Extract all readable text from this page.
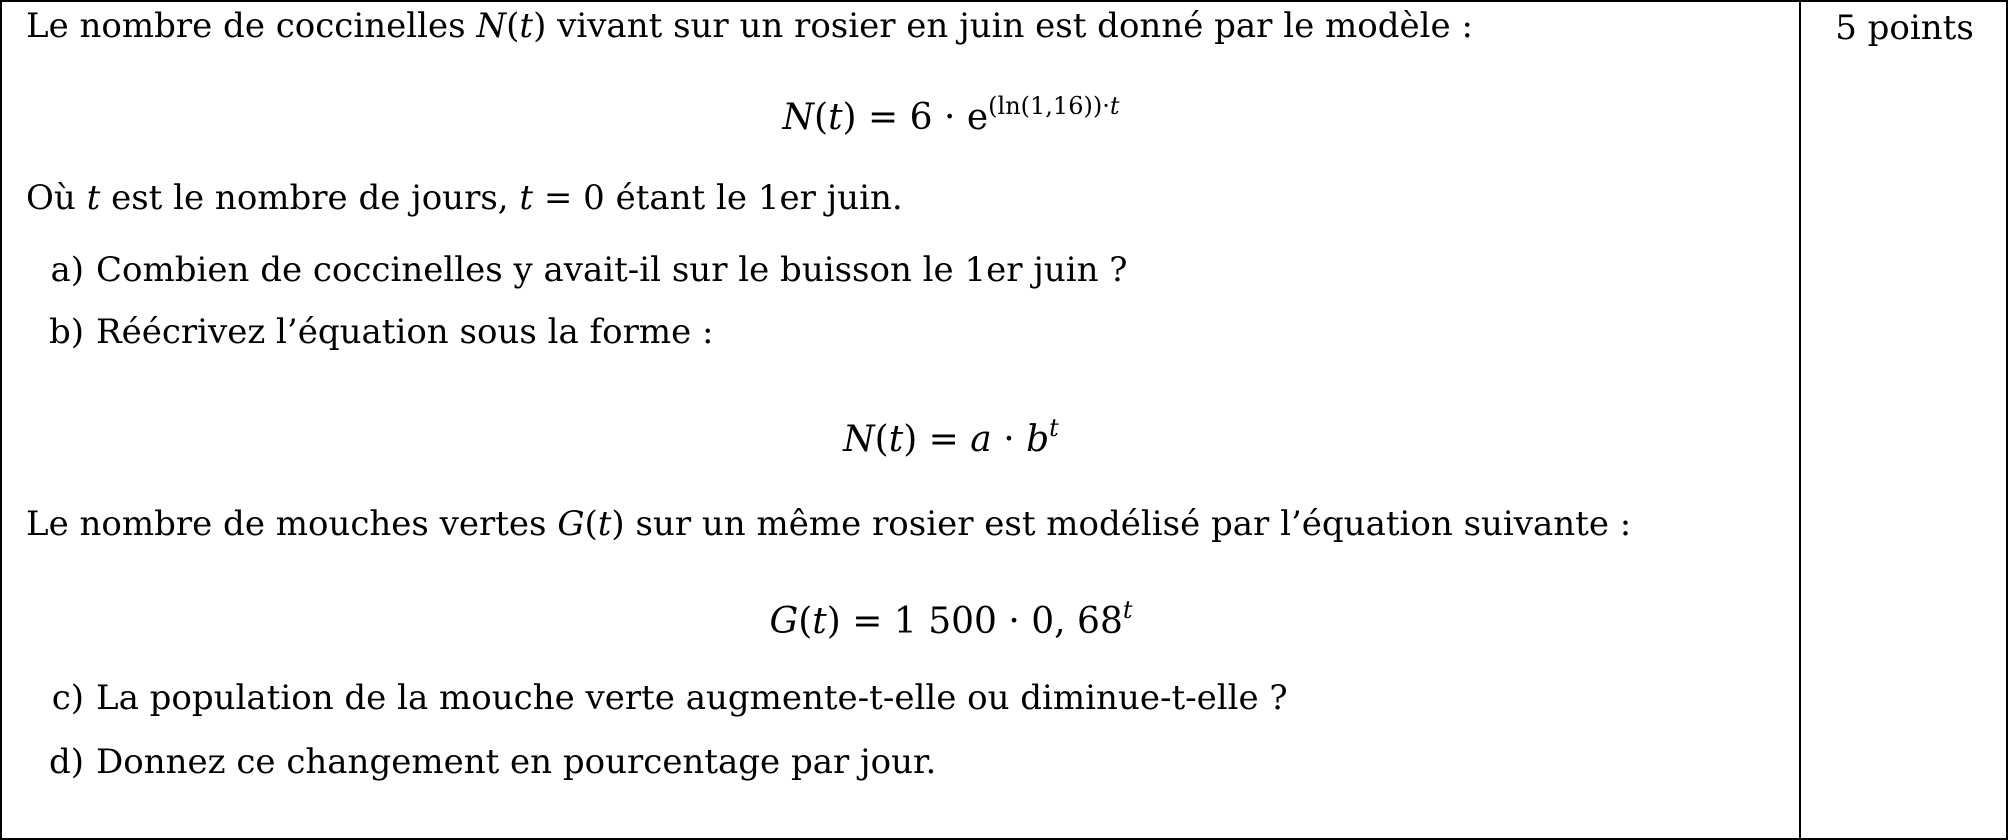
5 points
Le nombre de coccinelles N(t) vivant sur un rosier en juin est donné par le modèle :
$N(t) = 6 \cdot e^{(ln(1,16))\cdot t}$
Où t est le nombre de jours, t = 0 étant le 1er juin.
a) Combien de coccinelles y avait-il sur le buisson le 1er juin ?
b) Réécrivez l’équation sous la forme :
$N(t) = a \cdot b^t$
Le nombre de mouches vertes G(t) sur un même rosier est modélisé par l’équation suivante :
G(t) = 1 500 · 0, 68$^t$
c) La population de la mouche verte augmente-t-elle ou diminue-t-elle ?
d) Donnez ce changement en pourcentage par jour.
